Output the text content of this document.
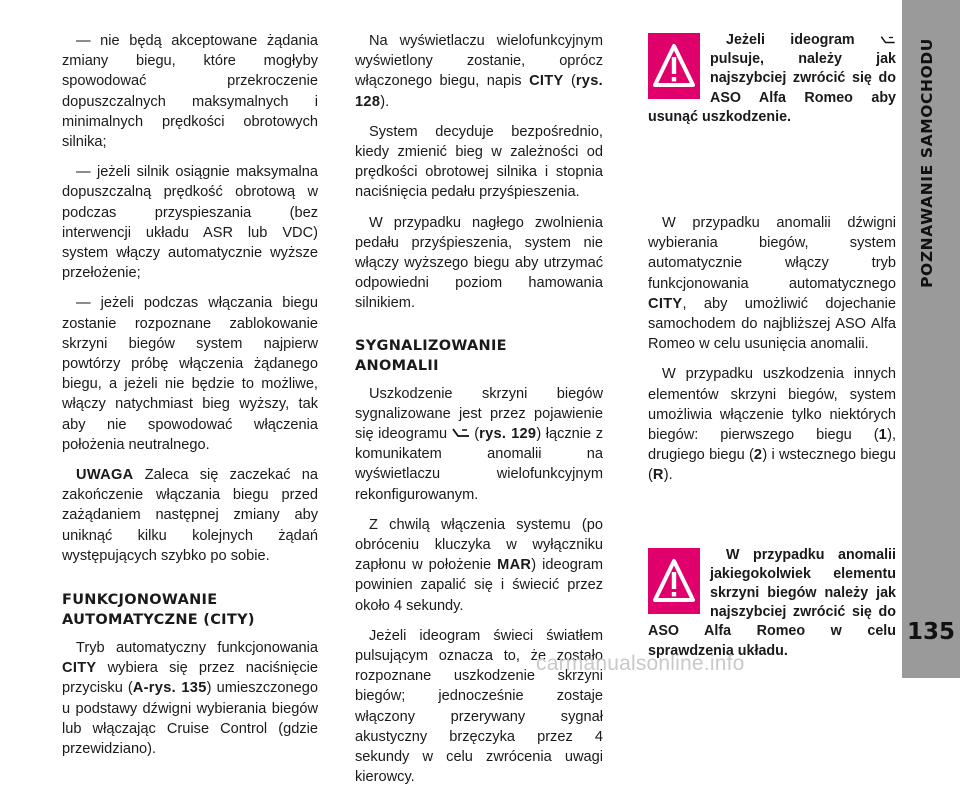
— nie będą akceptowane żądania zmiany biegu, które mogłyby spowodować przekroczenie dopuszczalnych maksymalnych i minimalnych prędkości obrotowych silnika;

— jeżeli silnik osiągnie maksymalna dopuszczalną prędkość obrotową w podczas przyspieszania (bez interwencji układu ASR lub VDC) system włączy automatycznie wyższe przełożenie;

— jeżeli podczas włączania biegu zostanie rozpoznane zablokowanie skrzyni biegów system najpierw powtórzy próbę włączenia żądanego biegu, a jeżeli nie będzie to możliwe, włączy natychmiast bieg wyższy, tak aby nie spowodować włączenia położenia neutralnego.

UWAGA Zaleca się zaczekać na zakończenie włączania biegu przed zażądaniem następnej zmiany aby uniknąć kilku kolejnych żądań występujących szybko po sobie.

FUNKCJONOWANIE
AUTOMATYCZNE (CITY)

Tryb automatyczny funkcjonowania CITY wybiera się przez naciśnięcie przycisku (A-rys. 135) umieszczonego u podstawy dźwigni wybierania biegów lub włączając Cruise Control (gdzie przewidziano).

Na wyświetlaczu wielofunkcyjnym wyświetlony zostanie, oprócz włączonego biegu, napis CITY (rys. 128).

System decyduje bezpośrednio, kiedy zmienić bieg w zależności od prędkości obrotowej silnika i stopnia naciśnięcia pedału przyśpieszenia.

W przypadku nagłego zwolnienia pedału przyśpieszenia, system nie włączy wyższego biegu aby utrzymać odpowiedni poziom hamowania silnikiem.

SYGNALIZOWANIE
ANOMALII

Uszkodzenie skrzyni biegów sygnalizowane jest przez pojawienie się ideogramu  (rys. 129) łącznie z komunikatem anomalii na wyświetlaczu wielofunkcyjnym rekonfigurowanym.

Z chwilą włączenia systemu (po obróceniu kluczyka w wyłączniku zapłonu w położenie MAR) ideogram powinien zapalić się i świecić przez około 4 sekundy.

Jeżeli ideogram świeci światłem pulsującym oznacza to, że zostało rozpoznane uszkodzenie skrzyni biegów; jednocześnie zostaje włączony przerywany sygnał akustyczny brzęczyka przez 4 sekundy w celu zwrócenia uwagi kierowcy.

Jeżeli ideogram  pulsuje, należy jak najszybciej zwrócić się do ASO Alfa Romeo aby usunąć uszkodzenie.

W przypadku anomalii dźwigni wybierania biegów, system automatycznie włączy tryb funkcjonowania automatycznego CITY, aby umożliwić dojechanie samochodem do najbliższej ASO Alfa Romeo w celu usunięcia anomalii.

W przypadku uszkodzenia innych elementów skrzyni biegów, system umożliwia włączenie tylko niektórych biegów: pierwszego biegu (1), drugiego biegu (2) i wstecznego biegu (R).

W przypadku anomalii jakiegokolwiek elementu skrzyni biegów należy jak najszybciej zwrócić się do ASO Alfa Romeo w celu sprawdzenia układu.
POZNAWANIE SAMOCHODU
135
carmanualsonline.info
